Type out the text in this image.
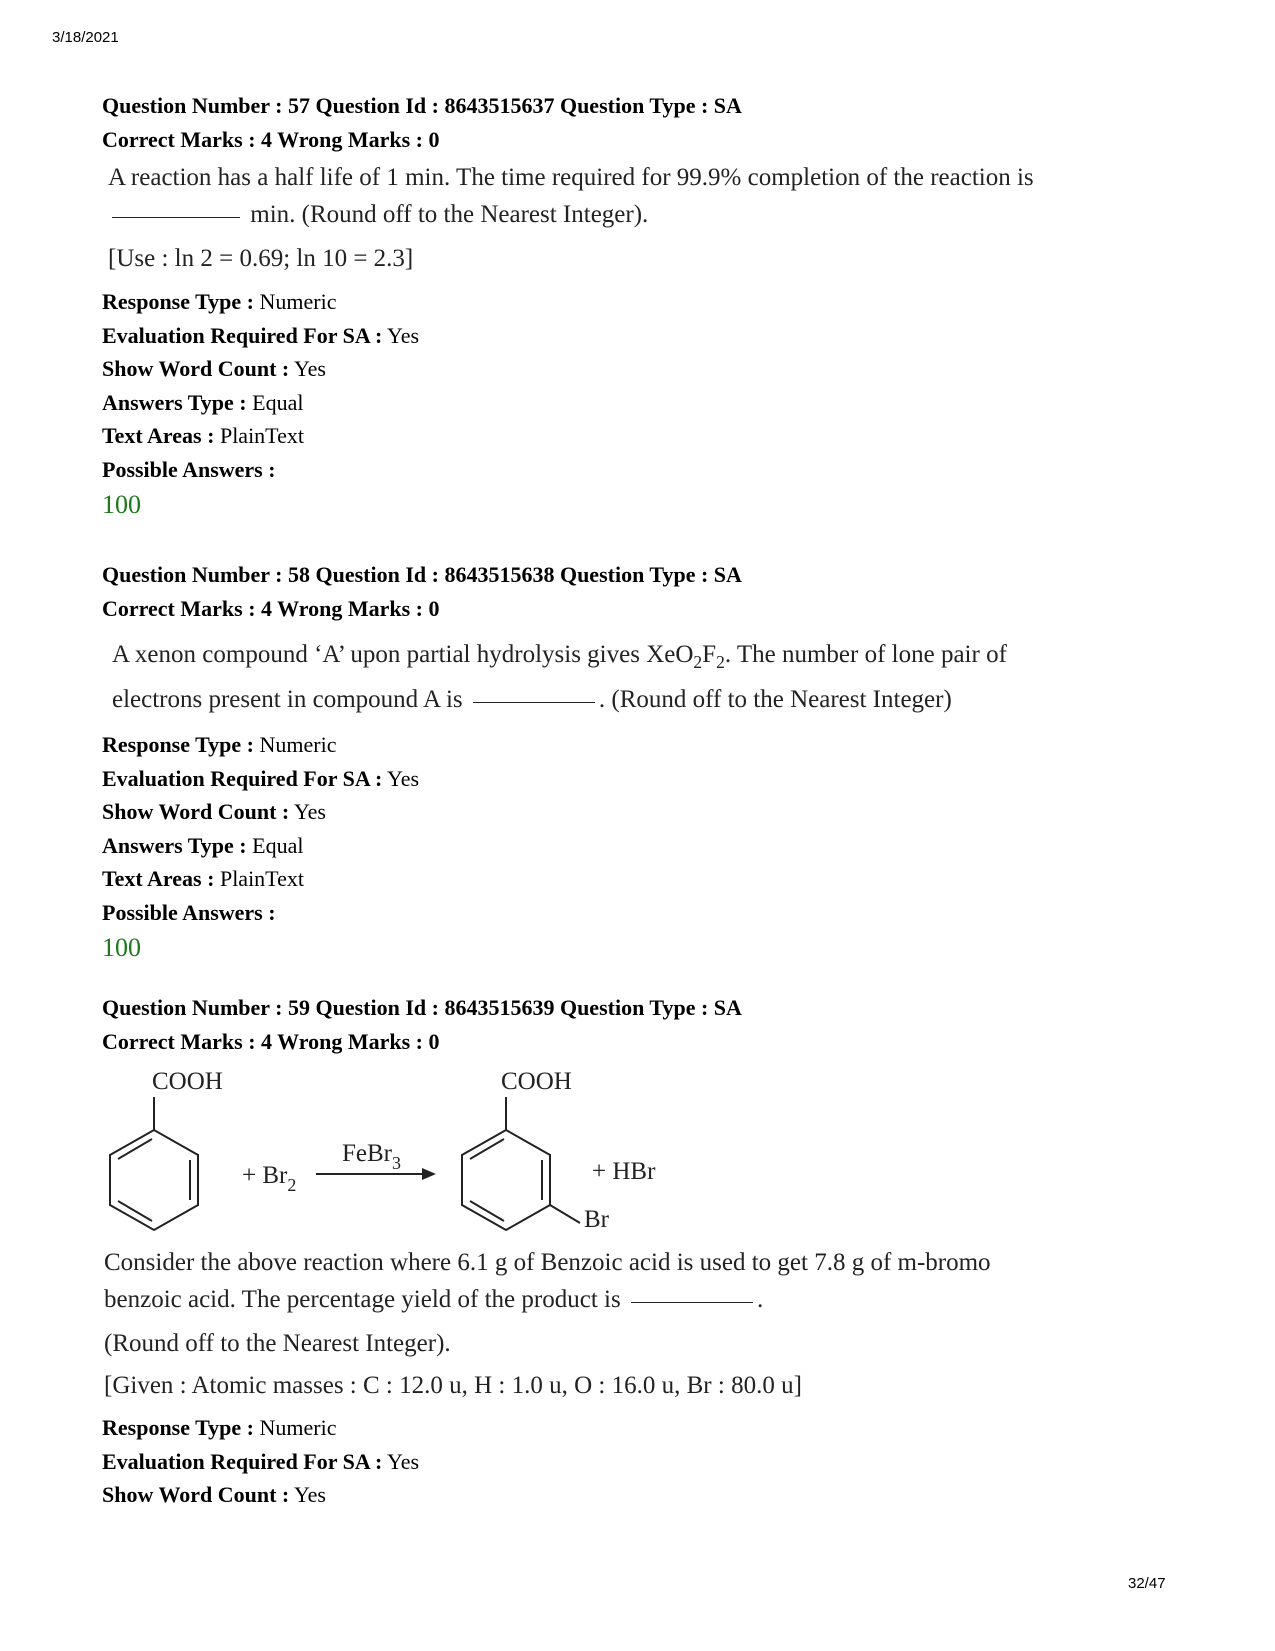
3/18/2021

Question Number : 57 Question Id : 8643515637 Question Type : SA

Correct Marks : 4 Wrong Marks : 0

A reaction has a half life of 1 min. The time required for 99.9% completion of the reaction is

min. (Round off to the Nearest Integer).

[Use : ln 2 = 0.69; ln 10 = 2.3]

Response Type : Numeric

Evaluation Required For SA : Yes

Show Word Count : Yes

Answers Type : Equal

Text Areas : PlainText

Possible Answers :

100

Question Number : 58 Question Id : 8643515638 Question Type : SA

Correct Marks : 4 Wrong Marks : 0

A xenon compound ‘A’ upon partial hydrolysis gives $XeO_2F_2$. The number of lone pair of

electrons present in compound A is	. (Round off to the Nearest Integer)

Response Type : Numeric

Evaluation Required For SA : Yes

Show Word Count : Yes

Answers Type : Equal

Text Areas : PlainText

Possible Answers :

100

Question Number : 59 Question Id : 8643515639 Question Type : SA

Correct Marks : 4 Wrong Marks : 0

COOH
+ $Br_2$
FeBr$_3$
COOH
Br
+ HBr

Consider the above reaction where 6.1 g of Benzoic acid is used to get 7.8 g of m-bromo

benzoic acid. The percentage yield of the product is	.

(Round off to the Nearest Integer).

[Given : Atomic masses : C : 12.0 u, H : 1.0 u, O : 16.0 u, Br : 80.0 u]

Response Type : Numeric

Evaluation Required For SA : Yes

Show Word Count : Yes

32/47
